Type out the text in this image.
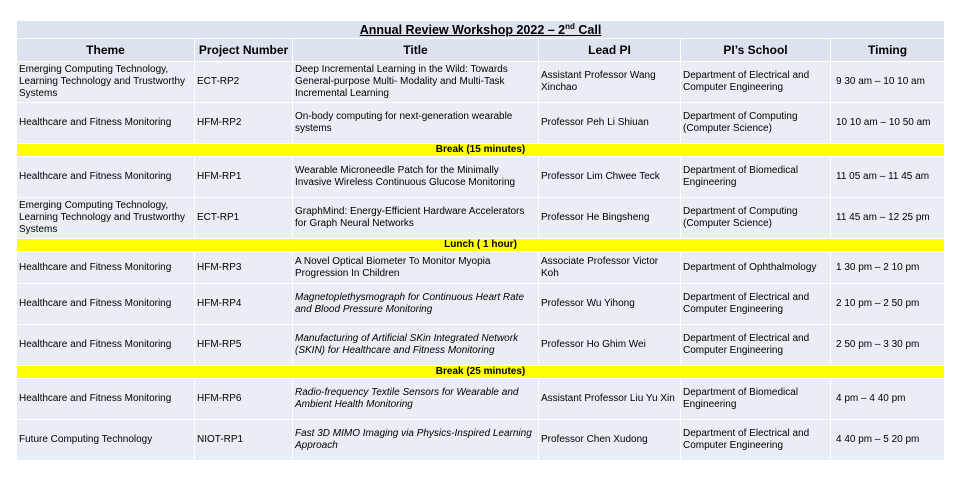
Annual Review Workshop 2022 – 2nd Call					
Theme	Project Number	Title	Lead PI	PI’s School	Timing
Emerging Computing Technology, Learning Technology and Trustworthy Systems	ECT-RP2	Deep Incremental Learning in the Wild: Towards General-purpose Multi- Modality and Multi-Task Incremental Learning	Assistant Professor Wang Xinchao	Department of Electrical and Computer Engineering	9 30 am – 10 10 am
Healthcare and Fitness Monitoring	HFM-RP2	On-body computing for next-generation wearable systems	Professor Peh Li Shiuan	Department of Computing (Computer Science)	10 10 am – 10 50 am
Break (15 minutes)					
Healthcare and Fitness Monitoring	HFM-RP1	Wearable Microneedle Patch for the Minimally Invasive Wireless Continuous Glucose Monitoring	Professor Lim Chwee Teck	Department of Biomedical Engineering	11 05 am – 11 45 am
Emerging Computing Technology, Learning Technology and Trustworthy Systems	ECT-RP1	GraphMind: Energy-Efficient Hardware Accelerators for Graph Neural Networks	Professor He Bingsheng	Department of Computing (Computer Science)	11 45 am – 12 25 pm
Lunch ( 1 hour)					
Healthcare and Fitness Monitoring	HFM-RP3	A Novel Optical Biometer To Monitor Myopia Progression In Children	Associate Professor Victor Koh	Department of Ophthalmology	1 30 pm – 2 10 pm
Healthcare and Fitness Monitoring	HFM-RP4	Magnetoplethysmograph for Continuous Heart Rate and Blood Pressure Monitoring	Professor Wu Yihong	Department of Electrical and Computer Engineering	2 10 pm – 2 50 pm
Healthcare and Fitness Monitoring	HFM-RP5	Manufacturing of Artificial SKin Integrated Network (SKIN) for Healthcare and Fitness Monitoring	Professor Ho Ghim Wei	Department of Electrical and Computer Engineering	2 50 pm – 3 30 pm
Break (25 minutes)					
Healthcare and Fitness Monitoring	HFM-RP6	Radio-frequency Textile Sensors for Wearable and Ambient Health Monitoring	Assistant Professor Liu Yu Xin	Department of Biomedical Engineering	4 pm – 4 40 pm
Future Computing Technology	NIOT-RP1	Fast 3D MIMO Imaging via Physics-Inspired Learning Approach	Professor Chen Xudong	Department of Electrical and Computer Engineering	4 40 pm – 5 20 pm
